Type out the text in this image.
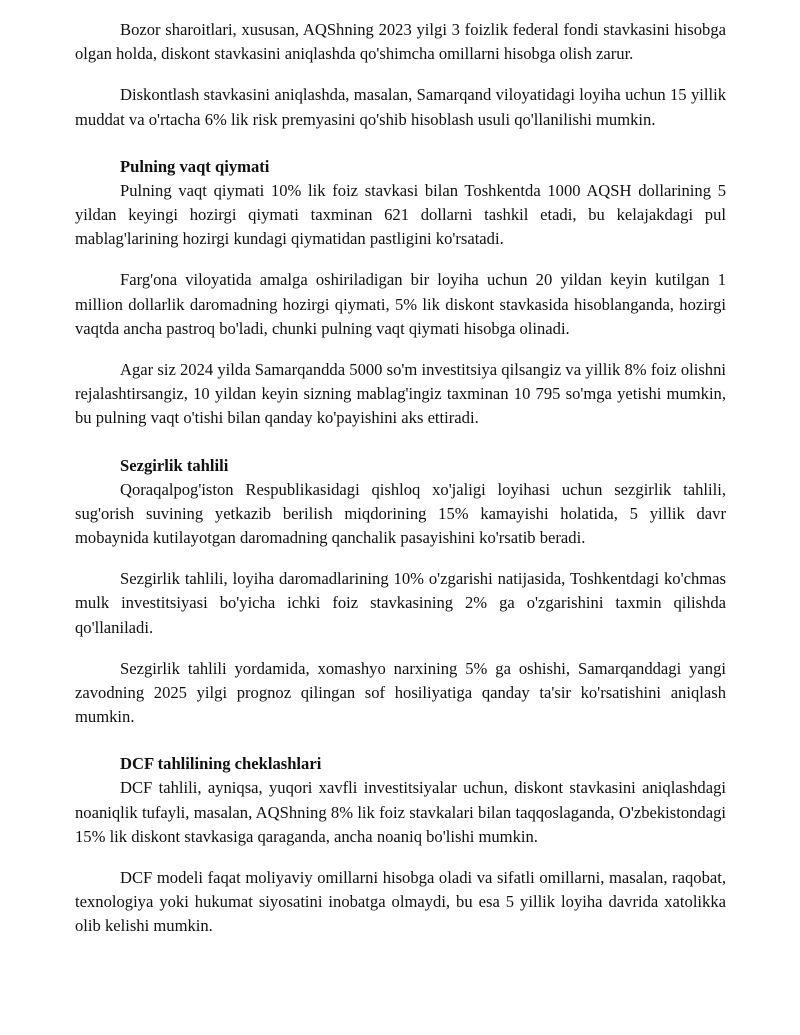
Bozor sharoitlari, xususan, AQShning 2023 yilgi 3 foizlik federal fondi stavkasini hisobga olgan holda, diskont stavkasini aniqlashda qo'shimcha omillarni hisobga olish zarur.

Diskontlash stavkasini aniqlashda, masalan, Samarqand viloyatidagi loyiha uchun 15 yillik muddat va o'rtacha 6% lik risk premyasini qo'shib hisoblash usuli qo'llanilishi mumkin.

Pulning vaqt qiymati

Pulning vaqt qiymati 10% lik foiz stavkasi bilan Toshkentda 1000 AQSH dollarining 5 yildan keyingi hozirgi qiymati taxminan 621 dollarni tashkil etadi, bu kelajakdagi pul mablag'larining hozirgi kundagi qiymatidan pastligini ko'rsatadi.

Farg'ona viloyatida amalga oshiriladigan bir loyiha uchun 20 yildan keyin kutilgan 1 million dollarlik daromadning hozirgi qiymati, 5% lik diskont stavkasida hisoblanganda, hozirgi vaqtda ancha pastroq bo'ladi, chunki pulning vaqt qiymati hisobga olinadi.

Agar siz 2024 yilda Samarqandda 5000 so'm investitsiya qilsangiz va yillik 8% foiz olishni rejalashtirsangiz, 10 yildan keyin sizning mablag'ingiz taxminan 10 795 so'mga yetishi mumkin, bu pulning vaqt o'tishi bilan qanday ko'payishini aks ettiradi.

Sezgirlik tahlili

Qoraqalpog'iston Respublikasidagi qishloq xo'jaligi loyihasi uchun sezgirlik tahlili, sug'orish suvining yetkazib berilish miqdorining 15% kamayishi holatida, 5 yillik davr mobaynida kutilayotgan daromadning qanchalik pasayishini ko'rsatib beradi.

Sezgirlik tahlili, loyiha daromadlarining 10% o'zgarishi natijasida, Toshkentdagi ko'chmas mulk investitsiyasi bo'yicha ichki foiz stavkasining 2% ga o'zgarishini taxmin qilishda qo'llaniladi.

Sezgirlik tahlili yordamida, xomashyo narxining 5% ga oshishi, Samarqanddagi yangi zavodning 2025 yilgi prognoz qilingan sof hosiliyatiga qanday ta'sir ko'rsatishini aniqlash mumkin.

DCF tahlilining cheklashlari

DCF tahlili, ayniqsa, yuqori xavfli investitsiyalar uchun, diskont stavkasini aniqlashdagi noaniqlik tufayli, masalan, AQShning 8% lik foiz stavkalari bilan taqqoslaganda, O'zbekistondagi 15% lik diskont stavkasiga qaraganda, ancha noaniq bo'lishi mumkin.

DCF modeli faqat moliyaviy omillarni hisobga oladi va sifatli omillarni, masalan, raqobat, texnologiya yoki hukumat siyosatini inobatga olmaydi, bu esa 5 yillik loyiha davrida xatolikka olib kelishi mumkin.
